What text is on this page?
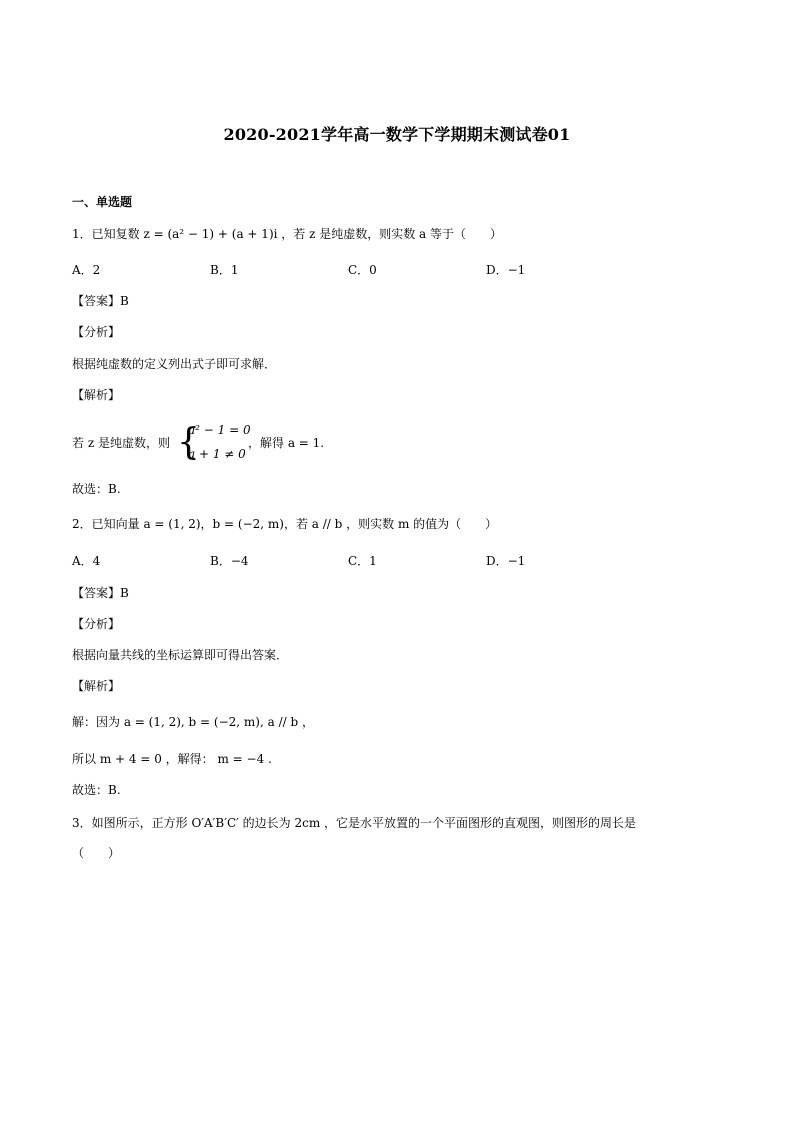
2020-2021学年高一数学下学期期末测试卷01
一、单选题
1．已知复数 z = (a² − 1) + (a + 1)i ，若 z 是纯虚数，则实数 a 等于（　　）
A．2	B．1	C．0	D．−1
【答案】B
【分析】
根据纯虚数的定义列出式子即可求解．
【解析】
若 z 是纯虚数，则 {
a² − 1 = 0
a + 1 ≠ 0
，解得 a = 1.
故选：B.
2．已知向量 a = (1, 2)，b = (−2, m)，若 a // b ，则实数 m 的值为（　　）
A．4	B．−4	C．1	D．−1
【答案】B
【分析】
根据向量共线的坐标运算即可得出答案．
【解析】
解：因为 a = (1, 2), b = (−2, m), a // b ，
所以 m + 4 = 0 ，解得： m = −4 .
故选：B.
3．如图所示，正方形 O′A′B′C′ 的边长为 2cm ，它是水平放置的一个平面图形的直观图，则图形的周长是
（　　）
